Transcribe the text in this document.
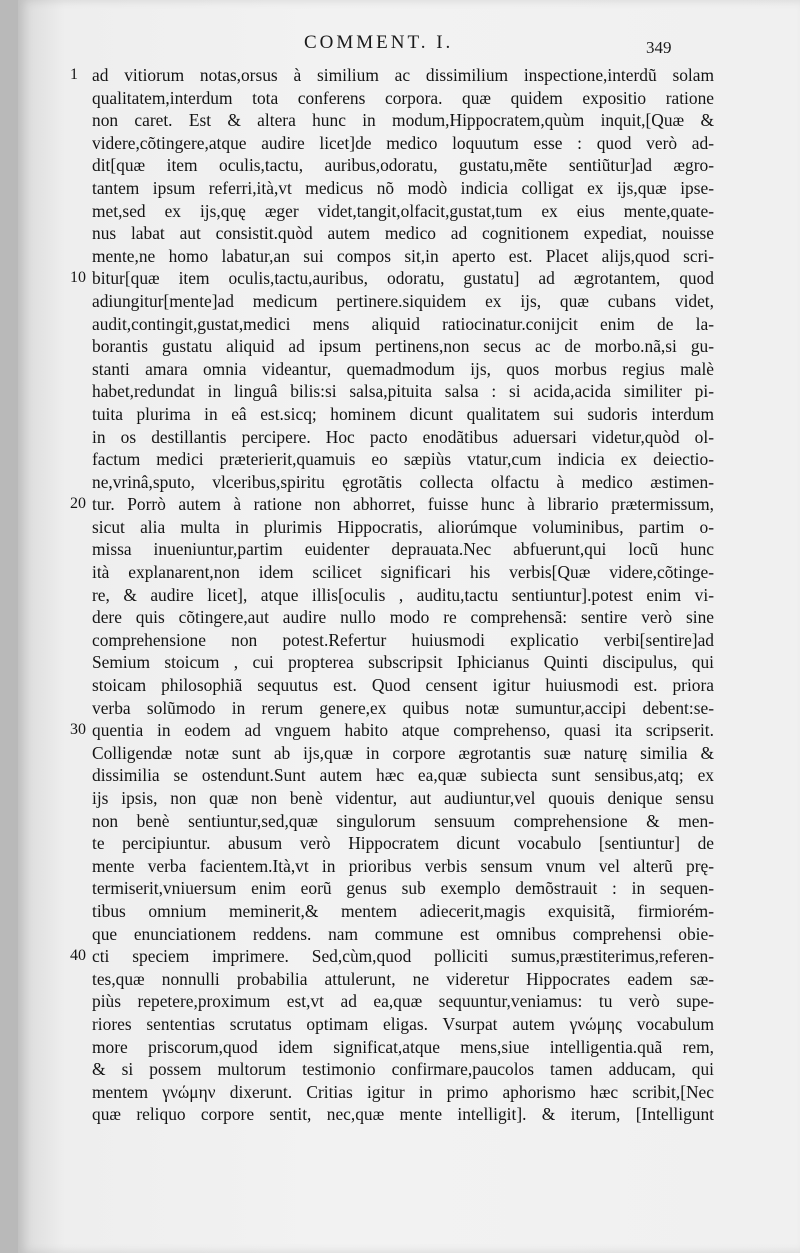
COMMENT. I.	349
1 ad vitiorum notas,orsus à similium ac dissimilium inspectione,interdũ solam
qualitatem,interdum tota conferens corpora. quæ quidem expositio ratione
non caret. Est & altera hunc in modum,Hippocratem,quùm inquit,[Quæ &
videre,cõtingere,atque audire licet]de medico loquutum esse : quod verò ad-
dit[quæ item oculis,tactu, auribus,odoratu, gustatu,mẽte sentiũtur]ad ægro-
tantem ipsum referri,ità,vt medicus nõ modò indicia colligat ex ijs,quæ ipse-
met,sed ex ijs,quę æger videt,tangit,olfacit,gustat,tum ex eius mente,quate-
nus labat aut consistit.quòd autem medico ad cognitionem expediat, nouisse
mente,ne homo labatur,an sui compos sit,in aperto est. Placet alijs,quod scri-
10 bitur[quæ item oculis,tactu,auribus, odoratu, gustatu] ad ægrotantem, quod
adiungitur[mente]ad medicum pertinere.siquidem ex ijs, quæ cubans videt,
audit,contingit,gustat,medici mens aliquid ratiocinatur.conijcit enim de la-
borantis gustatu aliquid ad ipsum pertinens,non secus ac de morbo.nã,si gu-
stanti amara omnia videantur, quemadmodum ijs, quos morbus regius malè
habet,redundat in linguâ bilis:si salsa,pituita salsa : si acida,acida similiter pi-
tuita plurima in eâ est.sicq; hominem dicunt qualitatem sui sudoris interdum
in os destillantis percipere. Hoc pacto enodãtibus aduersari videtur,quòd ol-
factum medici præterierit,quamuis eo sæpiùs vtatur,cum indicia ex deiectio-
ne,vrinâ,sputo, vlceribus,spiritu ęgrotãtis collecta olfactu à medico æstimen-
20 tur. Porrò autem à ratione non abhorret, fuisse hunc à librario prætermissum,
sicut alia multa in plurimis Hippocratis, aliorúmque voluminibus, partim o-
missa inueniuntur,partim euidenter deprauata.Nec abfuerunt,qui locũ hunc
ità explanarent,non idem scilicet significari his verbis[Quæ videre,cõtinge-
re, & audire licet], atque illis[oculis , auditu,tactu sentiuntur].potest enim vi-
dere quis cõtingere,aut audire nullo modo re comprehensã: sentire verò sine
comprehensione non potest.Refertur huiusmodi explicatio verbi[sentire]ad
Semium stoicum , cui propterea subscripsit Iphicianus Quinti discipulus, qui
stoicam philosophiã sequutus est. Quod censent igitur huiusmodi est. priora
verba solũmodo in rerum genere,ex quibus notæ sumuntur,accipi debent:se-
30 quentia in eodem ad vnguem habito atque comprehenso, quasi ita scripserit.
Colligendæ notæ sunt ab ijs,quæ in corpore ægrotantis suæ naturę similia &
dissimilia se ostendunt.Sunt autem hæc ea,quæ subiecta sunt sensibus,atq; ex
ijs ipsis, non quæ non benè videntur, aut audiuntur,vel quouis denique sensu
non benè sentiuntur,sed,quæ singulorum sensuum comprehensione & men-
te percipiuntur. abusum verò Hippocratem dicunt vocabulo [sentiuntur] de
mente verba facientem.Ità,vt in prioribus verbis sensum vnum vel alterũ prę-
termiserit,vniuersum enim eorũ genus sub exemplo demõstrauit : in sequen-
tibus omnium meminerit,& mentem adiecerit,magis exquisitã, firmiorém-
que enunciationem reddens. nam commune est omnibus comprehensi obie-
40 cti speciem imprimere. Sed,cùm,quod polliciti sumus,præstiterimus,referen-
tes,quæ nonnulli probabilia attulerunt, ne videretur Hippocrates eadem sæ-
piùs repetere,proximum est,vt ad ea,quæ sequuntur,veniamus: tu verò supe-
riores sententias scrutatus optimam eligas. Vsurpat autem γνώμης vocabulum
more priscorum,quod idem significat,atque mens,siue intelligentia.quã rem,
& si possem multorum testimonio confirmare,paucolos tamen adducam, qui
mentem γνώμην dixerunt. Critias igitur in primo aphorismo hæc scribit,[Nec
quæ reliquo corpore sentit, nec,quæ mente intelligit]. & iterum, [Intelligunt
